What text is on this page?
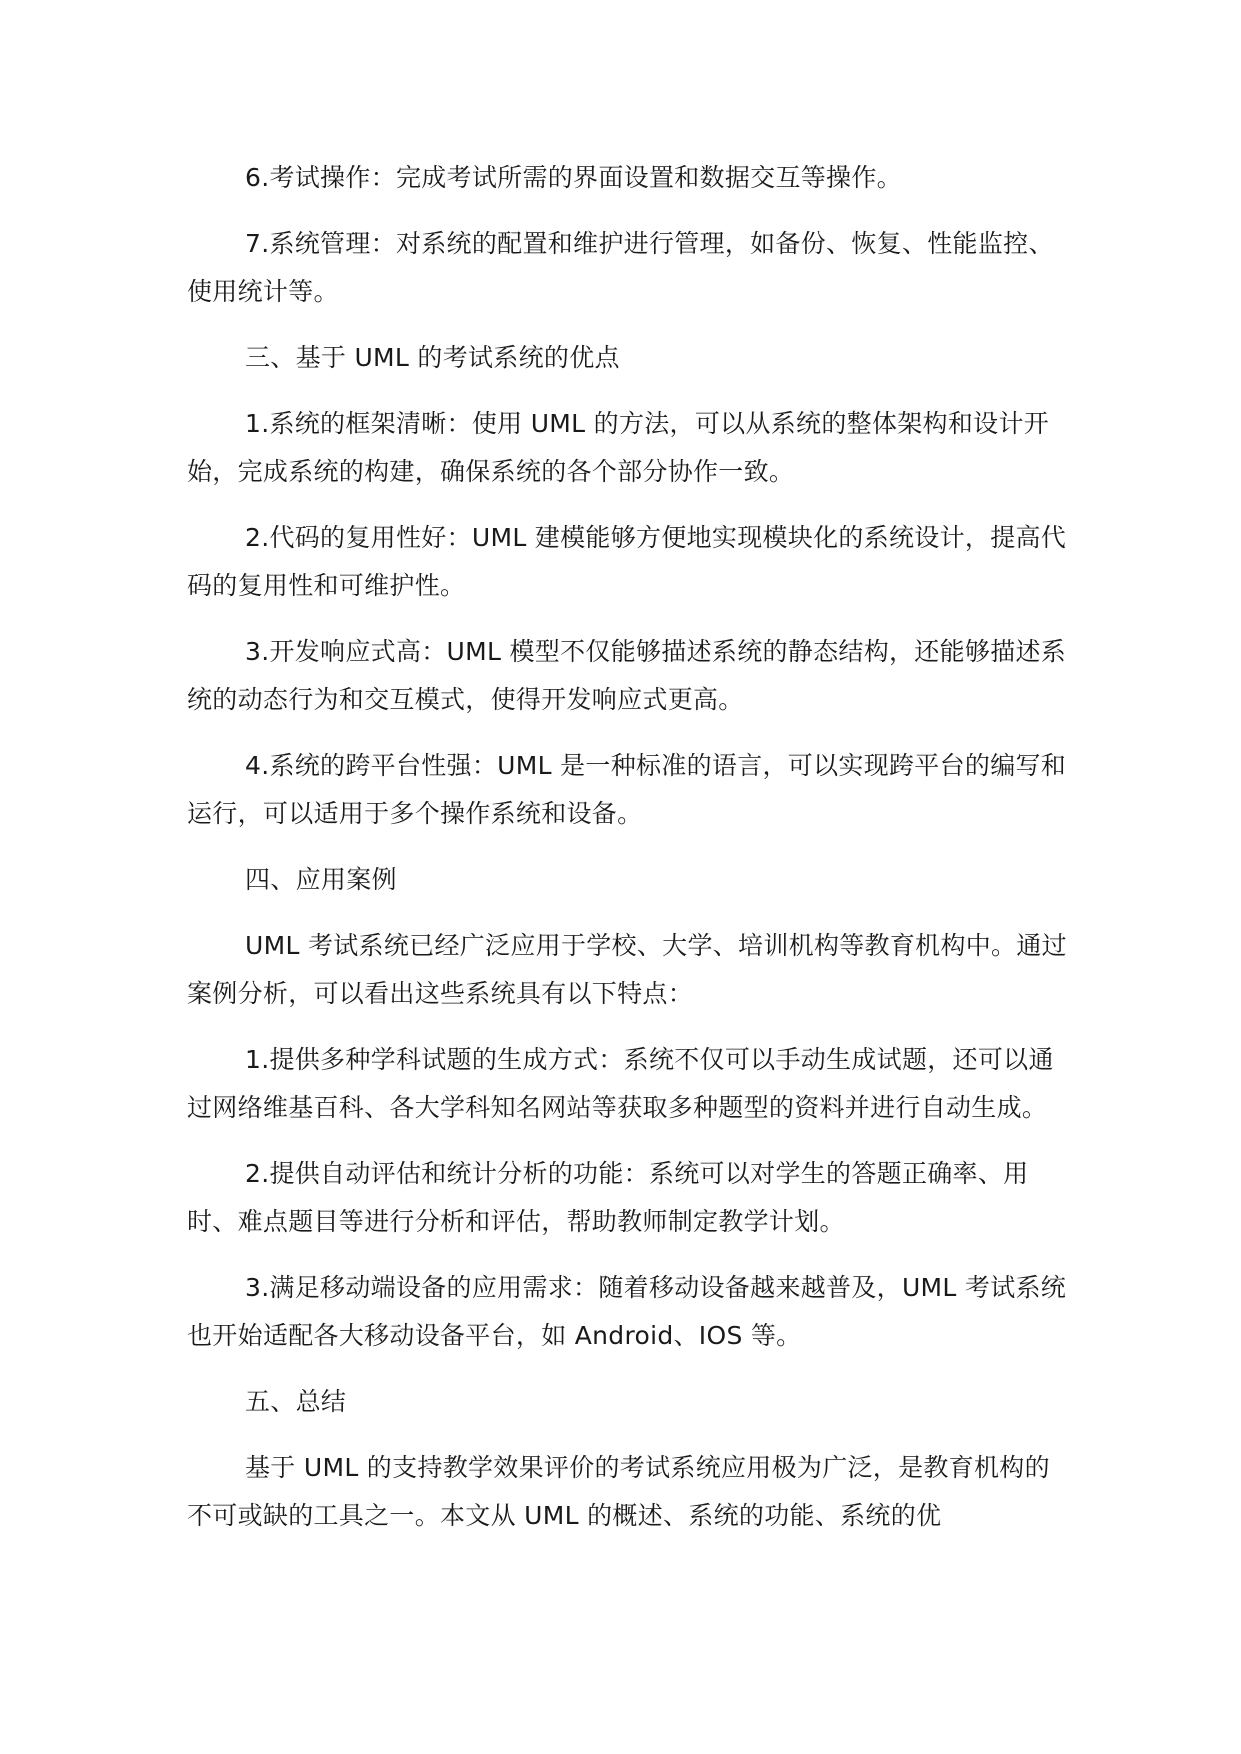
6.考试操作：完成考试所需的界面设置和数据交互等操作。

7.系统管理：对系统的配置和维护进行管理，如备份、恢复、性能监控、使用统计等。

三、基于 UML 的考试系统的优点

1.系统的框架清晰：使用 UML 的方法，可以从系统的整体架构和设计开始，完成系统的构建，确保系统的各个部分协作一致。

2.代码的复用性好：UML 建模能够方便地实现模块化的系统设计，提高代码的复用性和可维护性。

3.开发响应式高：UML 模型不仅能够描述系统的静态结构，还能够描述系统的动态行为和交互模式，使得开发响应式更高。

4.系统的跨平台性强：UML 是一种标准的语言，可以实现跨平台的编写和运行，可以适用于多个操作系统和设备。

四、应用案例

UML 考试系统已经广泛应用于学校、大学、培训机构等教育机构中。通过案例分析，可以看出这些系统具有以下特点：

1.提供多种学科试题的生成方式：系统不仅可以手动生成试题，还可以通过网络维基百科、各大学科知名网站等获取多种题型的资料并进行自动生成。

2.提供自动评估和统计分析的功能：系统可以对学生的答题正确率、用时、难点题目等进行分析和评估，帮助教师制定教学计划。

3.满足移动端设备的应用需求：随着移动设备越来越普及，UML 考试系统也开始适配各大移动设备平台，如 Android、IOS 等。

五、总结

基于 UML 的支持教学效果评价的考试系统应用极为广泛，是教育机构的不可或缺的工具之一。本文从 UML 的概述、系统的功能、系统的优
